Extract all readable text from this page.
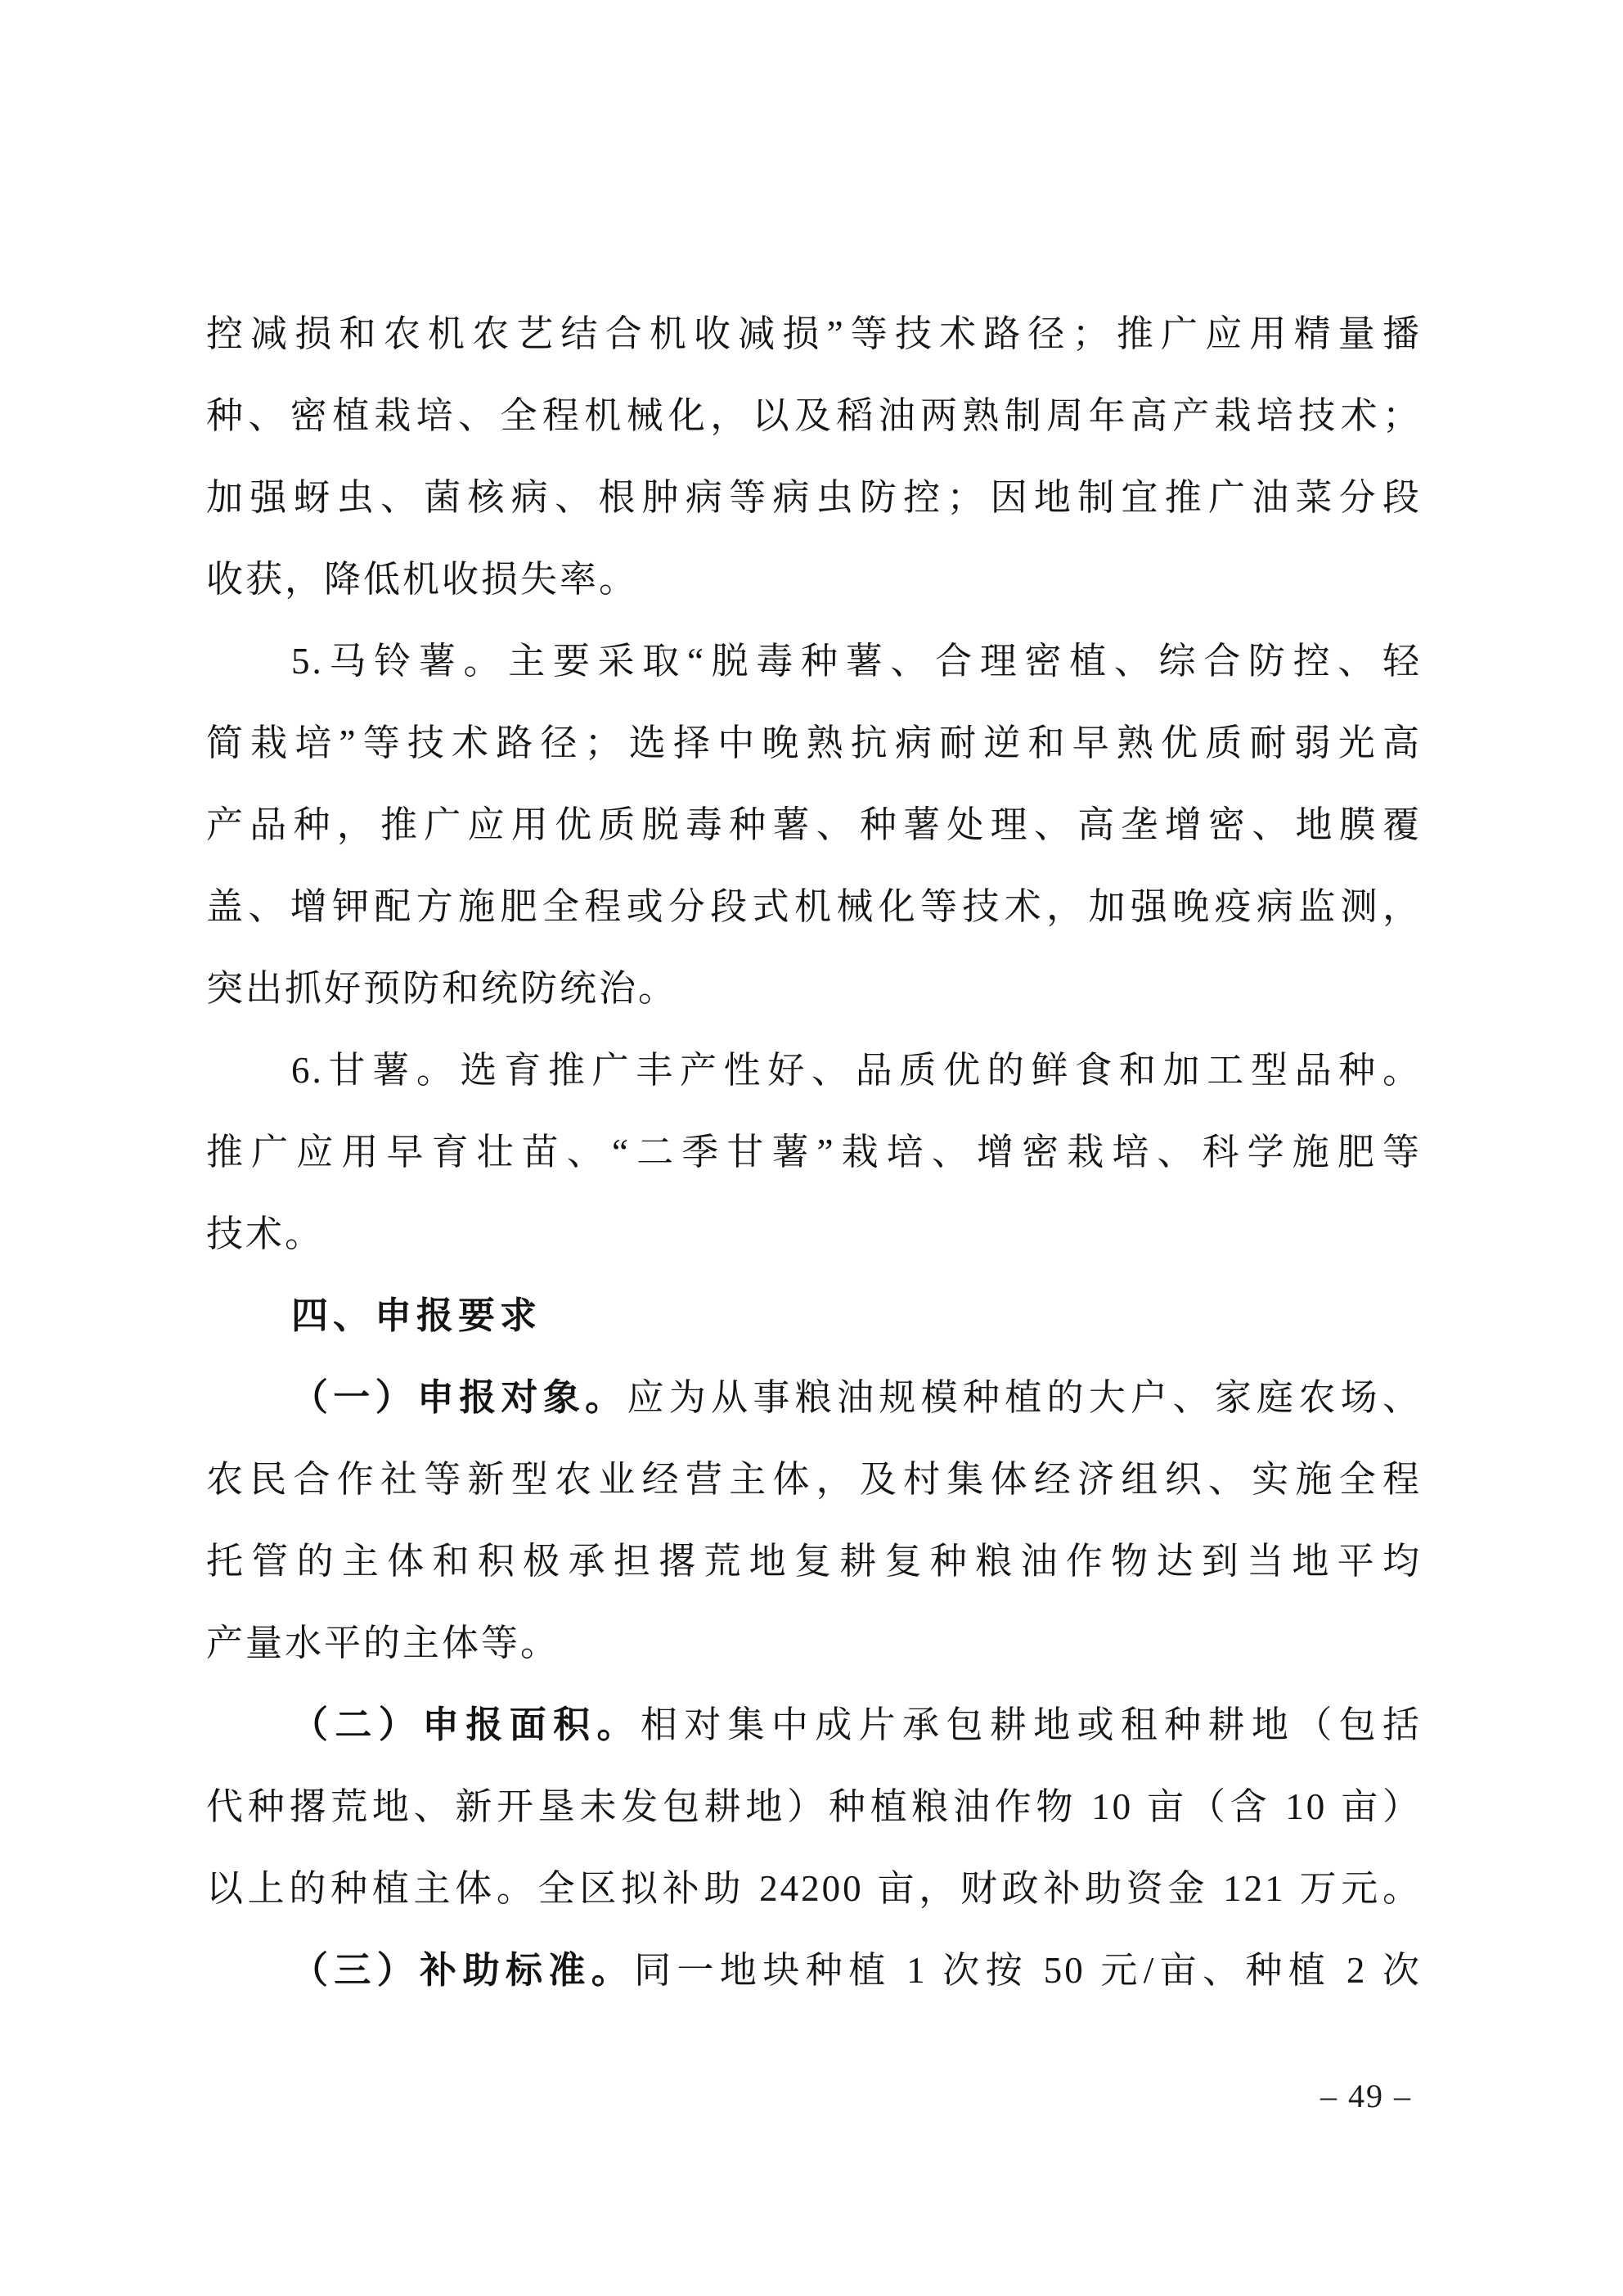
控减损和农机农艺结合机收减损”等技术路径；推广应用精量播
种、密植栽培、全程机械化，以及稻油两熟制周年高产栽培技术；
加强蚜虫、菌核病、根肿病等病虫防控；因地制宜推广油菜分段
收获，降低机收损失率。
5.马铃薯。主要采取“脱毒种薯、合理密植、综合防控、轻
简栽培”等技术路径；选择中晚熟抗病耐逆和早熟优质耐弱光高
产品种，推广应用优质脱毒种薯、种薯处理、高垄增密、地膜覆
盖、增钾配方施肥全程或分段式机械化等技术，加强晚疫病监测，
突出抓好预防和统防统治。
6.甘薯。选育推广丰产性好、品质优的鲜食和加工型品种。
推广应用早育壮苗、“二季甘薯”栽培、增密栽培、科学施肥等
技术。
四、申报要求
（一）申报对象。应为从事粮油规模种植的大户、家庭农场、
农民合作社等新型农业经营主体，及村集体经济组织、实施全程
托管的主体和积极承担撂荒地复耕复种粮油作物达到当地平均
产量水平的主体等。
（二）申报面积。相对集中成片承包耕地或租种耕地（包括
代种撂荒地、新开垦未发包耕地）种植粮油作物 10 亩（含 10 亩）
以上的种植主体。全区拟补助 24200 亩，财政补助资金 121 万元。
（三）补助标准。同一地块种植 1 次按 50 元/亩、种植 2 次
– 49 –
